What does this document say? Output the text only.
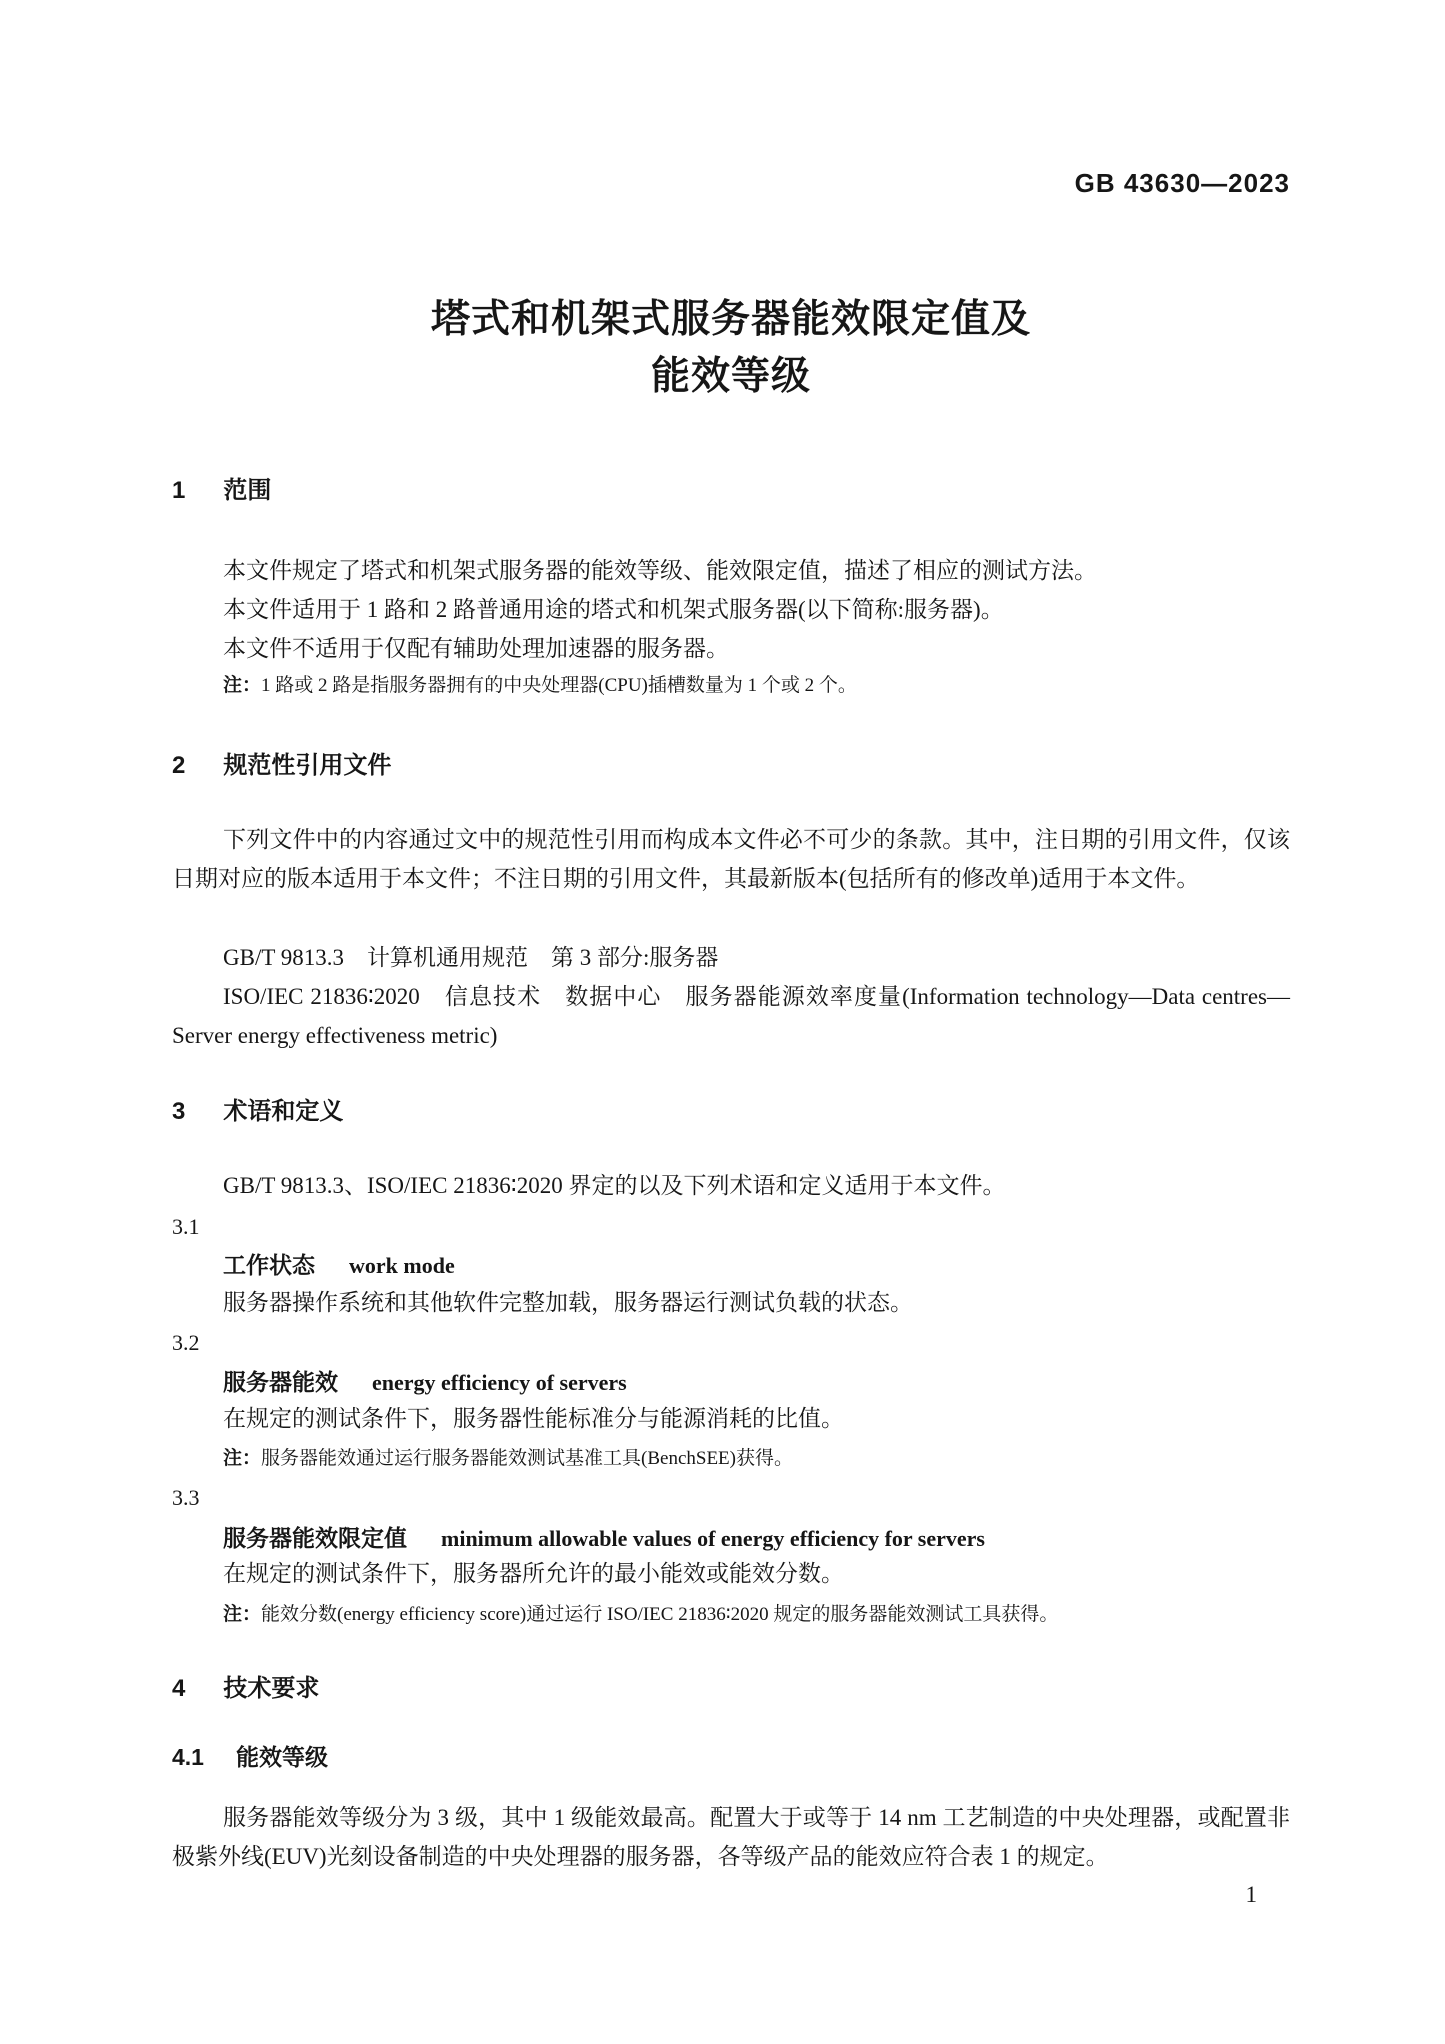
GB 43630—2023
塔式和机架式服务器能效限定值及
能效等级
1 范围

本文件规定了塔式和机架式服务器的能效等级、能效限定值，描述了相应的测试方法。

本文件适用于 1 路和 2 路普通用途的塔式和机架式服务器(以下简称:服务器)。

本文件不适用于仅配有辅助处理加速器的服务器。

注：1 路或 2 路是指服务器拥有的中央处理器(CPU)插槽数量为 1 个或 2 个。
2 规范性引用文件

下列文件中的内容通过文中的规范性引用而构成本文件必不可少的条款。其中，注日期的引用文件，仅该日期对应的版本适用于本文件；不注日期的引用文件，其最新版本(包括所有的修改单)适用于本文件。

GB/T 9813.3　计算机通用规范　第 3 部分:服务器

ISO/IEC 21836∶2020　信息技术　数据中心　服务器能源效率度量(Information technology—Data centres—Server energy effectiveness metric)

3 术语和定义

GB/T 9813.3、ISO/IEC 21836∶2020 界定的以及下列术语和定义适用于本文件。

3.1
工作状态 work mode

服务器操作系统和其他软件完整加载，服务器运行测试负载的状态。

3.2
服务器能效 energy efficiency of servers

在规定的测试条件下，服务器性能标准分与能源消耗的比值。

注：服务器能效通过运行服务器能效测试基准工具(BenchSEE)获得。
3.3
服务器能效限定值 minimum allowable values of energy efficiency for servers

在规定的测试条件下，服务器所允许的最小能效或能效分数。

注：能效分数(energy efficiency score)通过运行 ISO/IEC 21836∶2020 规定的服务器能效测试工具获得。
4 技术要求
4.1 能效等级

服务器能效等级分为 3 级，其中 1 级能效最高。配置大于或等于 14 nm 工艺制造的中央处理器，或配置非极紫外线(EUV)光刻设备制造的中央处理器的服务器，各等级产品的能效应符合表 1 的规定。

1
